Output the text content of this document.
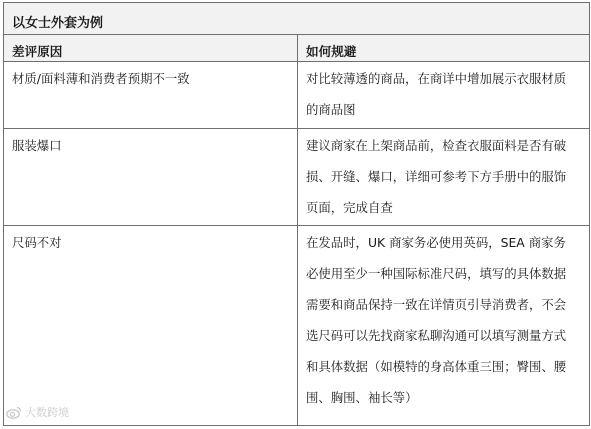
以女士外套为例	
差评原因	如何规避

材质/面料薄和消费者预期不一致	对比较薄透的商品，在商详中增加展示衣服材质的商品图

服装爆口	建议商家在上架商品前，检查衣服面料是否有破损、开缝、爆口，详细可参考下方手册中的服饰页面，完成自查

尺码不对	在发品时，UK 商家务必使用英码，SEA 商家务必使用至少一种国际标准尺码，填写的具体数据需要和商品保持一致在详情页引导消费者，不会选尺码可以先找商家私聊沟通可以填写测量方式和具体数据（如模特的身高体重三围；臀围、腰围、胸围、袖长等）
大数跨境
